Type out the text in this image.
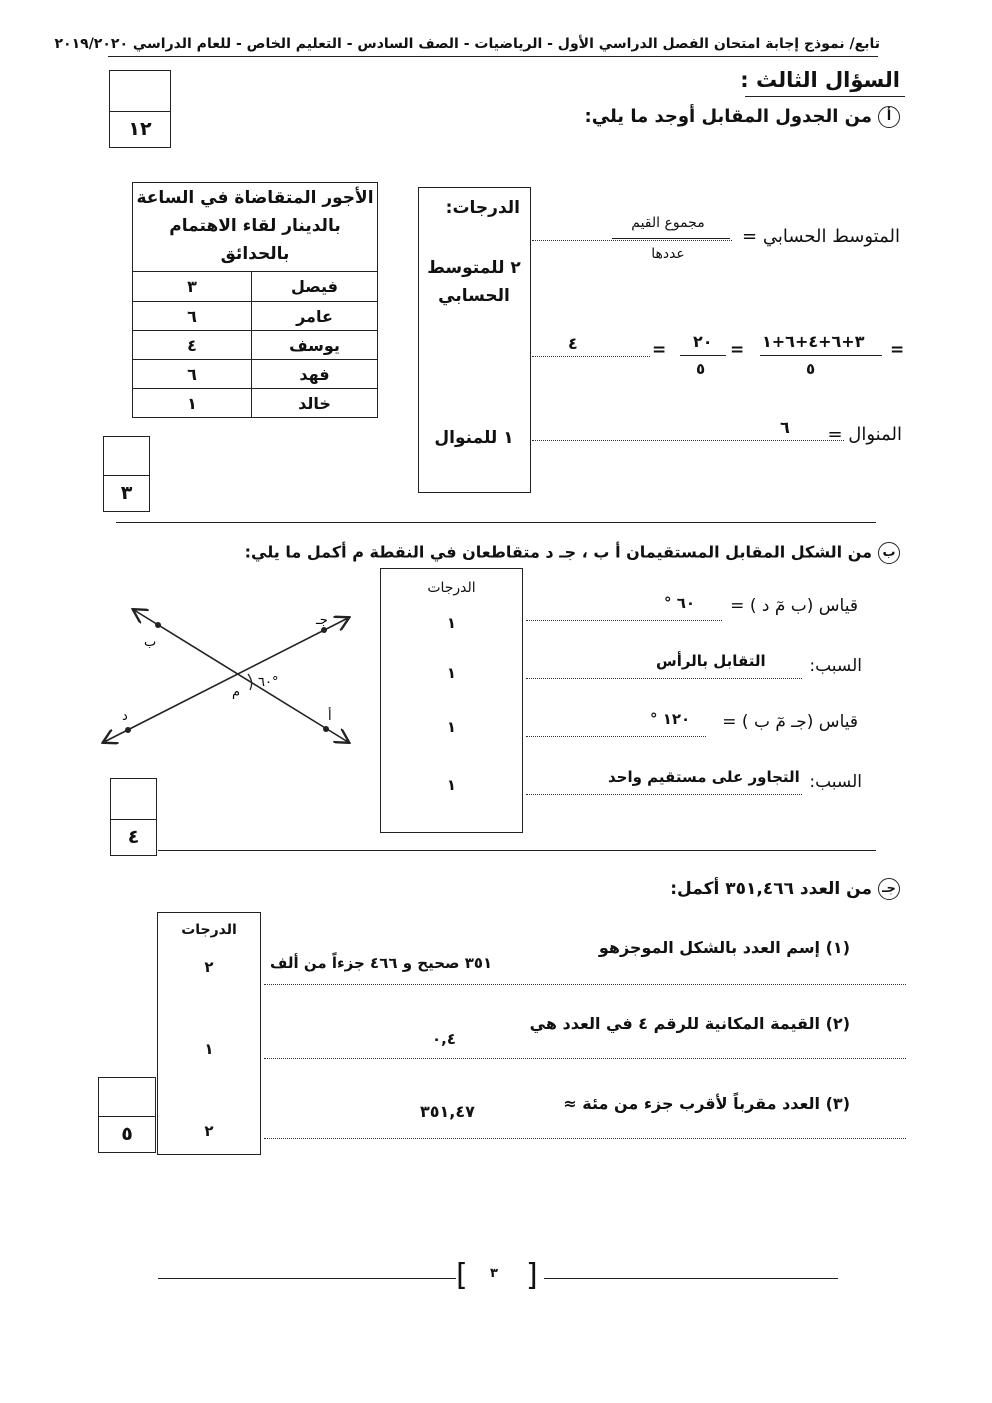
تابع/ نموذج إجابة امتحان الفصل الدراسي الأول - الرياضيات - الصف السادس - التعليم الخاص - للعام الدراسي ٢٠١٩/٢٠٢٠
السؤال الثالث :
١٢
أمن الجدول المقابل أوجد ما يلي:
الأجور المتقاضاة في الساعة بالدينار لقاء الاهتمام بالحدائق
٣	فيصل
٦	عامر
٤	يوسف
٦	فهد
١	خالد
الدرجات:
٢ للمتوسط الحسابي
١ للمنوال
المتوسط الحسابي =
مجموع القيم
عددها
=
٣+٦+٤+٦+١
٥
=
٢٠
٥
=
٤
المنوال =
٦
٣
بمن الشكل المقابل المستقيمان أ ب ، جـ د متقاطعان في النقطة م أكمل ما يلي:
ب
أ
جـ
د
م
٦٠°
الدرجات
١
١
١
١
قياس (ب مٓ د ) =
٦٠ °
السبب:
التقابل بالرأس
قياس (جـ مٓ ب ) =
١٢٠ °
السبب:
التجاور على مستقيم واحد
٤
جـمن العدد ٣٥١,٤٦٦ أكمل:
الدرجات
٢
١
٢
(١) إسم العدد بالشكل الموجزهو
٣٥١ صحيح و ٤٦٦ جزءاً من ألف
(٢) القيمة المكانية للرقم ٤ في العدد هي
٠,٤
(٣) العدد مقرباً لأقرب جزء من مئة ≈
٣٥١,٤٧
٥
[ ٣ ]
